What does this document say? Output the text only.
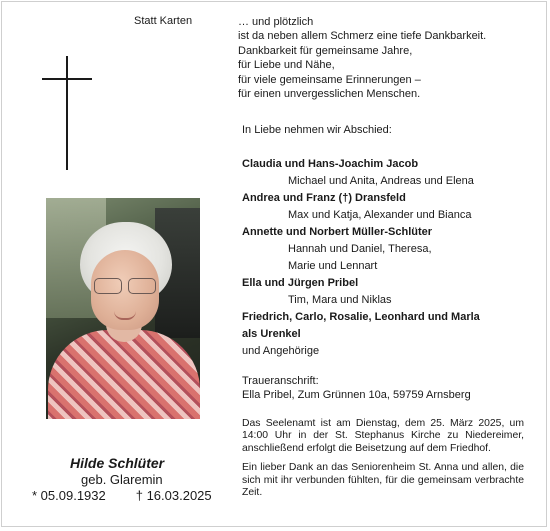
Statt Karten	… und plötzlich
ist da neben allem Schmerz eine tiefe Dankbarkeit.
Dankbarkeit für gemeinsame Jahre,
für Liebe und Nähe,
für viele gemeinsame Erinnerungen –
für einen unvergesslichen Menschen.
Hilde Schlüter
geb. Glaremin
* 05.09.1932 † 16.03.2025
In Liebe nehmen wir Abschied:
Claudia und Hans-Joachim Jacob
Michael und Anita, Andreas und Elena
Andrea und Franz (†) Dransfeld
Max und Katja, Alexander und Bianca
Annette und Norbert Müller-Schlüter
Hannah und Daniel, Theresa,
Marie und Lennart
Ella und Jürgen Pribel
Tim, Mara und Niklas
Friedrich, Carlo, Rosalie, Leonhard und Marla
als Urenkel
und Angehörige
Traueranschrift:
Ella Pribel, Zum Grünnen 10a, 59759 Arnsberg

Das Seelenamt ist am Dienstag, dem 25. März 2025, um 14:00 Uhr in der St. Stephanus Kirche zu Niedereimer, anschließend erfolgt die Beisetzung auf dem Friedhof.

Ein lieber Dank an das Seniorenheim St. Anna und allen, die sich mit ihr verbunden fühlten, für die gemeinsam verbrachte Zeit.
